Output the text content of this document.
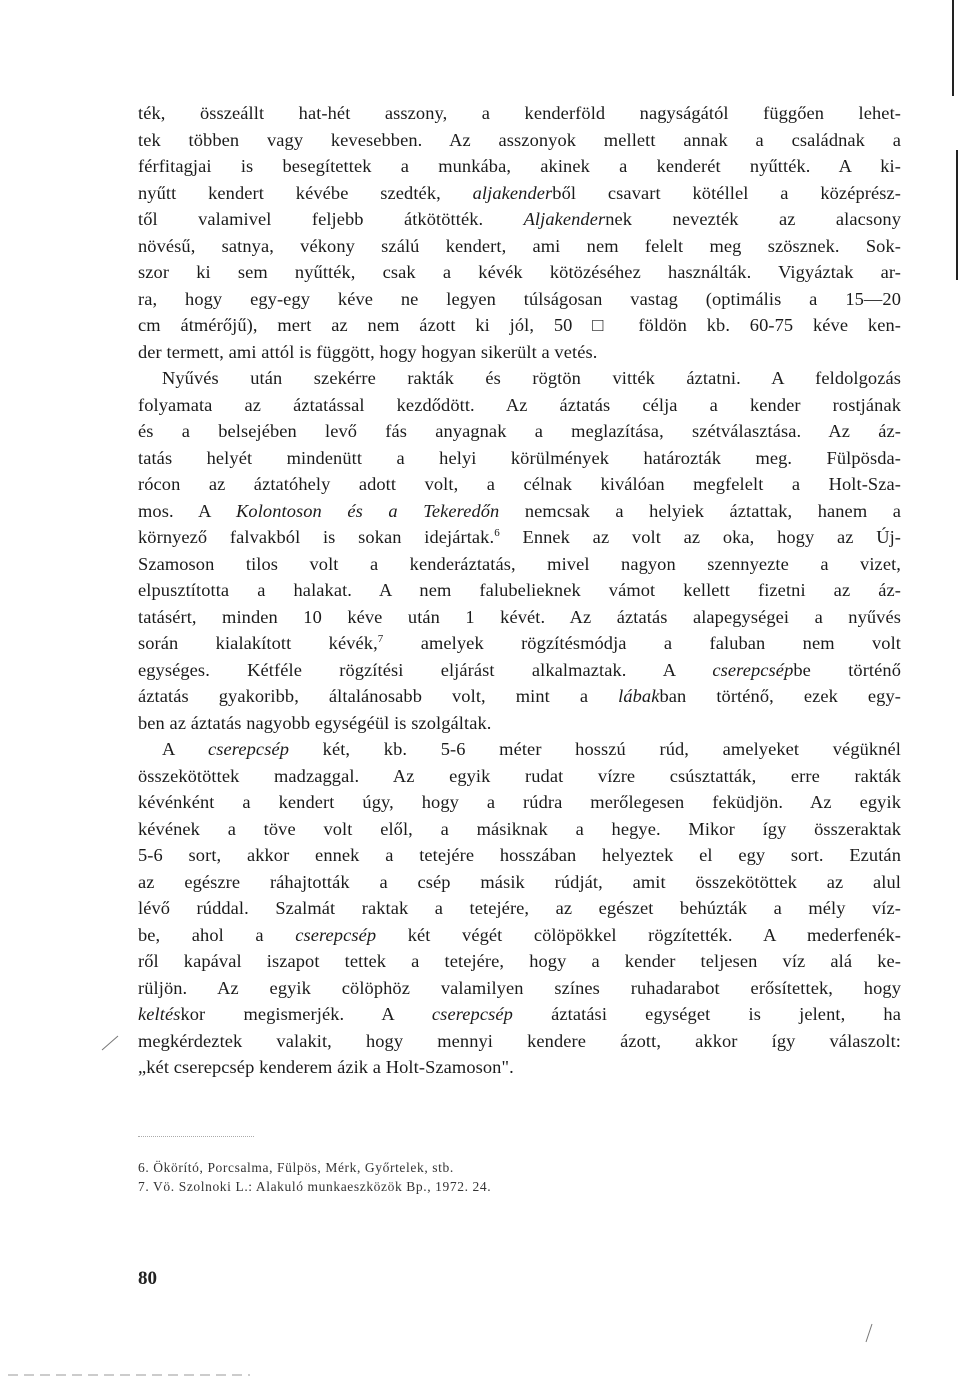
ték, összeállt hat-hét asszony, a kenderföld nagyságától függően lehet-
tek többen vagy kevesebben. Az asszonyok mellett annak a családnak a
férfitagjai is besegítettek a munkába, akinek a kenderét nyűtték. A ki-
nyűtt kendert kévébe szedték, aljakenderből csavart kötéllel a középrész-
től valamivel feljebb átkötötték. Aljakendernek nevezték az alacsony
növésű, satnya, vékony szálú kendert, ami nem felelt meg szösznek. Sok-
szor ki sem nyűtték, csak a kévék kötözéséhez használták. Vigyáztak ar-
ra, hogy egy-egy kéve ne legyen túlságosan vastag (optimális a 15—20
cm átmérőjű), mert az nem ázott ki jól, 50 □ földön kb. 60-75 kéve ken-
der termett, ami attól is függött, hogy hogyan sikerült a vetés.
Nyűvés után szekérre rakták és rögtön vitték áztatni. A feldolgozás
folyamata az áztatással kezdődött. Az áztatás célja a kender rostjának
és a belsejében levő fás anyagnak a meglazítása, szétválasztása. Az áz-
tatás helyét mindenütt a helyi körülmények határozták meg. Fülpösda-
rócon az áztatóhely adott volt, a célnak kiválóan megfelelt a Holt-Sza-
mos. A Kolontoson és a Tekeredőn nemcsak a helyiek áztattak, hanem a
környező falvakból is sokan idejártak.$^6$ Ennek az volt az oka, hogy az Új-
Szamoson tilos volt a kenderáztatás, mivel nagyon szennyezte a vizet,
elpusztította a halakat. A nem falubelieknek vámot kellett fizetni az áz-
tatásért, minden 10 kéve után 1 kévét. Az áztatás alapegységei a nyűvés
során kialakított kévék,$^7$ amelyek rögzítésmódja a faluban nem volt
egységes. Kétféle rögzítési eljárást alkalmaztak. A cserepcsépbe történő
áztatás gyakoribb, általánosabb volt, mint a lábakban történő, ezek egy-
ben az áztatás nagyobb egységéül is szolgáltak.
A cserepcsép két, kb. 5-6 méter hosszú rúd, amelyeket végüknél
összekötöttek madzaggal. Az egyik rudat vízre csúsztatták, erre rakták
kévénként a kendert úgy, hogy a rúdra merőlegesen feküdjön. Az egyik
kévének a töve volt elől, a másiknak a hegye. Mikor így összeraktak
5-6 sort, akkor ennek a tetejére hosszában helyeztek el egy sort. Ezután
az egészre ráhajtották a csép másik rúdját, amit összekötöttek az alul
lévő rúddal. Szalmát raktak a tetejére, az egészet behúzták a mély víz-
be, ahol a cserepcsép két végét cölöpökkel rögzítették. A mederfenék-
ről kapával iszapot tettek a tetejére, hogy a kender teljesen víz alá ke-
rüljön. Az egyik cölöphöz valamilyen színes ruhadarabot erősítettek, hogy
keltéskor megismerjék. A cserepcsép áztatási egységet is jelent, ha
megkérdeztek valakit, hogy mennyi kendere ázott, akkor így válaszolt:
„két cserepcsép kenderem ázik a Holt-Szamoson".
6. Ökörító, Porcsalma, Fülpös, Mérk, Győrtelek, stb.
7. Vö. Szolnoki L.: Alakuló munkaeszközök Bp., 1972. 24.
80
